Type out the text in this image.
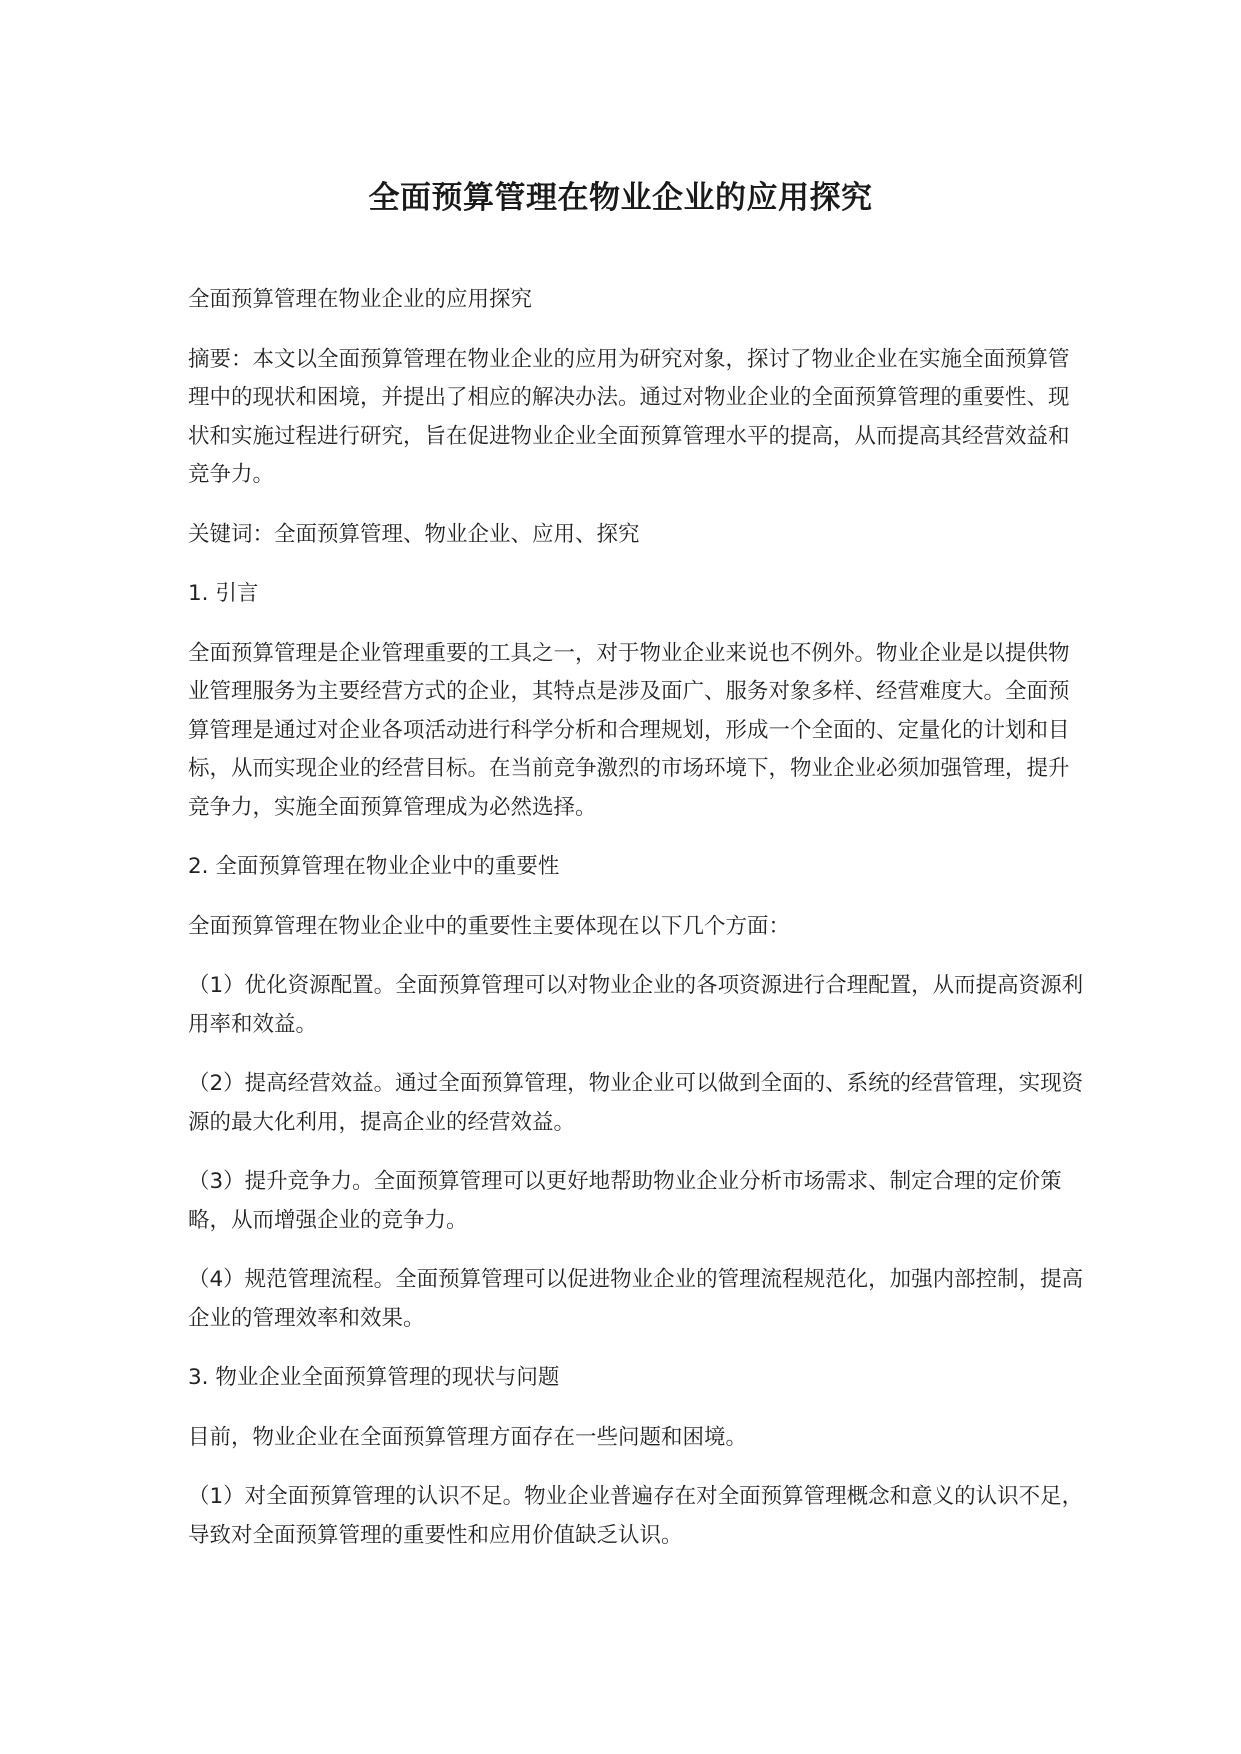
全面预算管理在物业企业的应用探究

全面预算管理在物业企业的应用探究

摘要：本文以全面预算管理在物业企业的应用为研究对象，探讨了物业企业在实施全面预算管理中的现状和困境，并提出了相应的解决办法。通过对物业企业的全面预算管理的重要性、现状和实施过程进行研究，旨在促进物业企业全面预算管理水平的提高，从而提高其经营效益和竞争力。

关键词：全面预算管理、物业企业、应用、探究

1. 引言

全面预算管理是企业管理重要的工具之一，对于物业企业来说也不例外。物业企业是以提供物业管理服务为主要经营方式的企业，其特点是涉及面广、服务对象多样、经营难度大。全面预算管理是通过对企业各项活动进行科学分析和合理规划，形成一个全面的、定量化的计划和目标，从而实现企业的经营目标。在当前竞争激烈的市场环境下，物业企业必须加强管理，提升竞争力，实施全面预算管理成为必然选择。

2. 全面预算管理在物业企业中的重要性

全面预算管理在物业企业中的重要性主要体现在以下几个方面：

（1）优化资源配置。全面预算管理可以对物业企业的各项资源进行合理配置，从而提高资源利用率和效益。

（2）提高经营效益。通过全面预算管理，物业企业可以做到全面的、系统的经营管理，实现资源的最大化利用，提高企业的经营效益。

（3）提升竞争力。全面预算管理可以更好地帮助物业企业分析市场需求、制定合理的定价策略，从而增强企业的竞争力。

（4）规范管理流程。全面预算管理可以促进物业企业的管理流程规范化，加强内部控制，提高企业的管理效率和效果。

3. 物业企业全面预算管理的现状与问题

目前，物业企业在全面预算管理方面存在一些问题和困境。

（1）对全面预算管理的认识不足。物业企业普遍存在对全面预算管理概念和意义的认识不足，导致对全面预算管理的重要性和应用价值缺乏认识。
